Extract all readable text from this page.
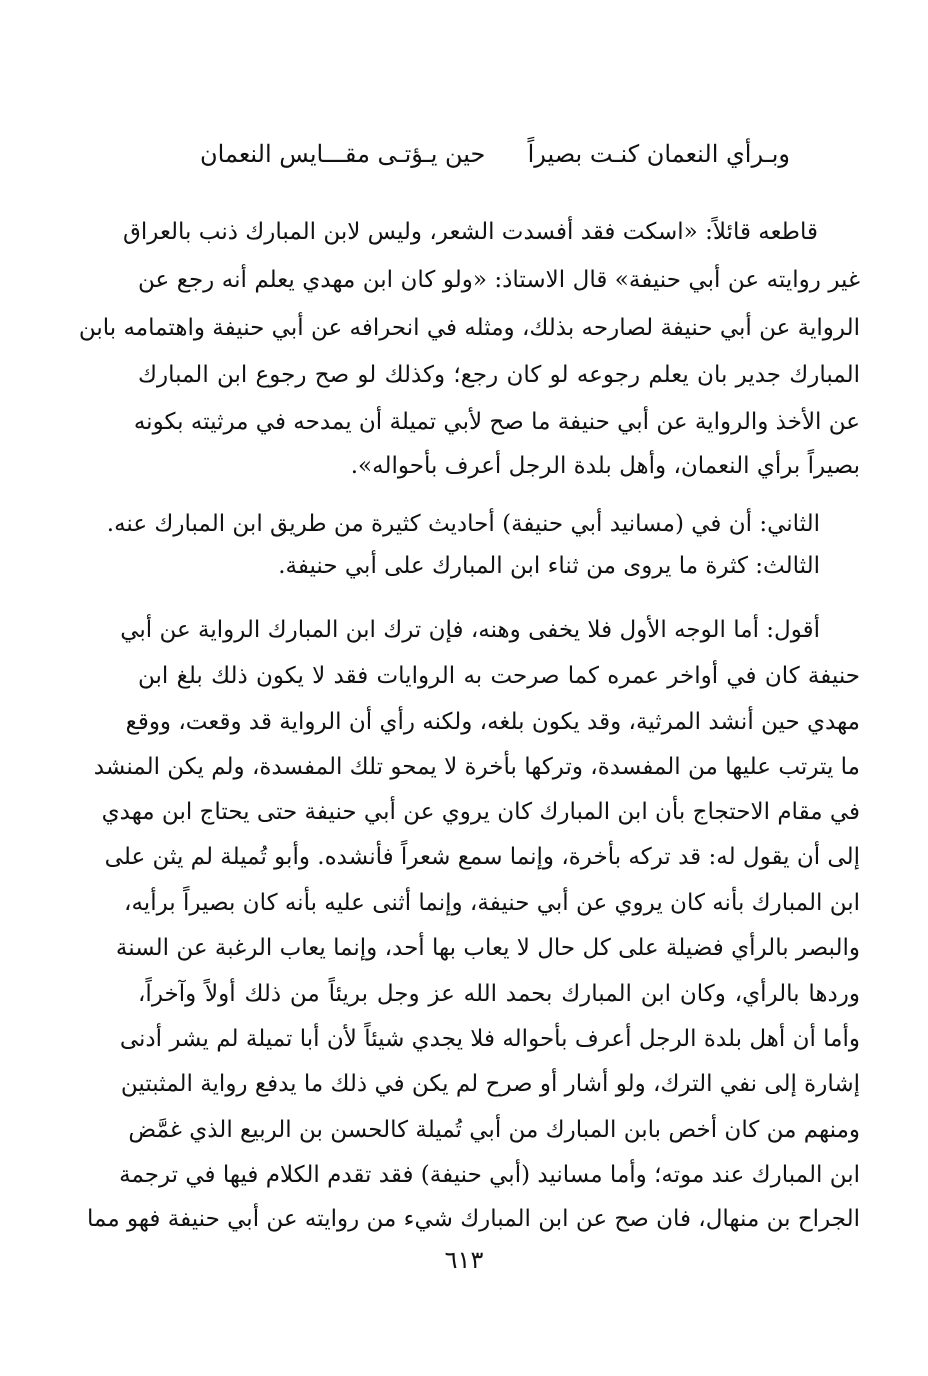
وبـرأي النعمان كنـت بصيراً
حين يـؤتـى مقـــايس النعمان
قاطعه قائلاً: «اسكت فقد أفسدت الشعر، وليس لابن المبارك ذنب بالعراق
غير روايته عن أبي حنيفة» قال الاستاذ: «ولو كان ابن مهدي يعلم أنه رجع عن
الرواية عن أبي حنيفة لصارحه بذلك، ومثله في انحرافه عن أبي حنيفة واهتمامه بابن
المبارك جدير بان يعلم رجوعه لو كان رجع؛ وكذلك لو صح رجوع ابن المبارك
عن الأخذ والرواية عن أبي حنيفة ما صح لأبي تميلة أن يمدحه في مرثيته بكونه
بصيراً برأي النعمان، وأهل بلدة الرجل أعرف بأحواله».
الثاني: أن في (مسانيد أبي حنيفة) أحاديث كثيرة من طريق ابن المبارك عنه.
الثالث: كثرة ما يروى من ثناء ابن المبارك على أبي حنيفة.
أقول: أما الوجه الأول فلا يخفى وهنه، فإن ترك ابن المبارك الرواية عن أبي
حنيفة كان في أواخر عمره كما صرحت به الروايات فقد لا يكون ذلك بلغ ابن
مهدي حين أنشد المرثية، وقد يكون بلغه، ولكنه رأي أن الرواية قد وقعت، ووقع
ما يترتب عليها من المفسدة، وتركها بأخرة لا يمحو تلك المفسدة، ولم يكن المنشد
في مقام الاحتجاج بأن ابن المبارك كان يروي عن أبي حنيفة حتى يحتاج ابن مهدي
إلى أن يقول له: قد تركه بأخرة، وإنما سمع شعراً فأنشده. وأبو تُميلة لم يثن على
ابن المبارك بأنه كان يروي عن أبي حنيفة، وإنما أثنى عليه بأنه كان بصيراً برأيه،
والبصر بالرأي فضيلة على كل حال لا يعاب بها أحد، وإنما يعاب الرغبة عن السنة
وردها بالرأي، وكان ابن المبارك بحمد الله عز وجل بريئاً من ذلك أولاً وآخراً،
وأما أن أهل بلدة الرجل أعرف بأحواله فلا يجدي شيئاً لأن أبا تميلة لم يشر أدنى
إشارة إلى نفي الترك، ولو أشار أو صرح لم يكن في ذلك ما يدفع رواية المثبتين
ومنهم من كان أخص بابن المبارك من أبي تُميلة كالحسن بن الربيع الذي غمَّض
ابن المبارك عند موته؛ وأما مسانيد (أبي حنيفة) فقد تقدم الكلام فيها في ترجمة
الجراح بن منهال، فان صح عن ابن المبارك شيء من روايته عن أبي حنيفة فهو مما
٦١٣
